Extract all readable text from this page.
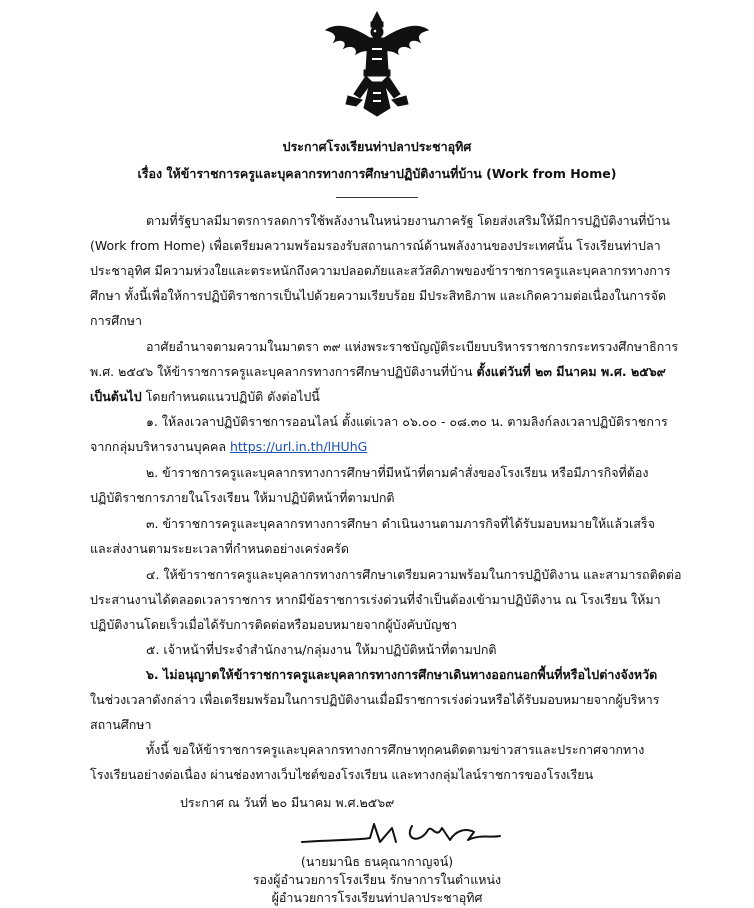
ประกาศโรงเรียนท่าปลาประชาอุทิศ
เรื่อง ให้ข้าราชการครูและบุคลากรทางการศึกษาปฏิบัติงานที่บ้าน (Work from Home)
ตามที่รัฐบาลมีมาตรการลดการใช้พลังงานในหน่วยงานภาครัฐ โดยส่งเสริมให้มีการปฏิบัติงานที่บ้าน
(Work from Home) เพื่อเตรียมความพร้อมรองรับสถานการณ์ด้านพลังงานของประเทศนั้น โรงเรียนท่าปลา
ประชาอุทิศ มีความห่วงใยและตระหนักถึงความปลอดภัยและสวัสดิภาพของข้าราชการครูและบุคลากรทางการ
ศึกษา ทั้งนี้เพื่อให้การปฏิบัติราชการเป็นไปด้วยความเรียบร้อย มีประสิทธิภาพ และเกิดความต่อเนื่องในการจัด
การศึกษา
อาศัยอำนาจตามความในมาตรา ๓๙ แห่งพระราชบัญญัติระเบียบบริหารราชการกระทรวงศึกษาธิการ
พ.ศ. ๒๕๔๖ ให้ข้าราชการครูและบุคลากรทางการศึกษาปฏิบัติงานที่บ้าน ตั้งแต่วันที่ ๒๓ มีนาคม พ.ศ. ๒๕๖๙
เป็นต้นไป โดยกำหนดแนวปฏิบัติ ดังต่อไปนี้
๑. ให้ลงเวลาปฏิบัติราชการออนไลน์ ตั้งแต่เวลา ๐๖.๐๐ - ๐๘.๓๐ น. ตามลิงก์ลงเวลาปฏิบัติราชการ
จากกลุ่มบริหารงานบุคคล https://url.in.th/lHUhG
๒. ข้าราชการครูและบุคลากรทางการศึกษาที่มีหน้าที่ตามคำสั่งของโรงเรียน หรือมีภารกิจที่ต้อง
ปฏิบัติราชการภายในโรงเรียน ให้มาปฏิบัติหน้าที่ตามปกติ
๓. ข้าราชการครูและบุคลากรทางการศึกษา ดำเนินงานตามภารกิจที่ได้รับมอบหมายให้แล้วเสร็จ
และส่งงานตามระยะเวลาที่กำหนดอย่างเคร่งครัด
๔. ให้ข้าราชการครูและบุคลากรทางการศึกษาเตรียมความพร้อมในการปฏิบัติงาน และสามารถติดต่อ
ประสานงานได้ตลอดเวลาราชการ หากมีข้อราชการเร่งด่วนที่จำเป็นต้องเข้ามาปฏิบัติงาน ณ โรงเรียน ให้มา
ปฏิบัติงานโดยเร็วเมื่อได้รับการติดต่อหรือมอบหมายจากผู้บังคับบัญชา
๕. เจ้าหน้าที่ประจำสำนักงาน/กลุ่มงาน ให้มาปฏิบัติหน้าที่ตามปกติ
๖. ไม่อนุญาตให้ข้าราชการครูและบุคลากรทางการศึกษาเดินทางออกนอกพื้นที่หรือไปต่างจังหวัด
ในช่วงเวลาดังกล่าว เพื่อเตรียมพร้อมในการปฏิบัติงานเมื่อมีราชการเร่งด่วนหรือได้รับมอบหมายจากผู้บริหาร
สถานศึกษา
ทั้งนี้ ขอให้ข้าราชการครูและบุคลากรทางการศึกษาทุกคนติดตามข่าวสารและประกาศจากทาง
โรงเรียนอย่างต่อเนื่อง ผ่านช่องทางเว็บไซต์ของโรงเรียน และทางกลุ่มไลน์ราชการของโรงเรียน
ประกาศ ณ วันที่ ๒๐ มีนาคม พ.ศ.๒๕๖๙
(นายมานิธ ธนคุณากาญจน์)
รองผู้อำนวยการโรงเรียน รักษาการในตำแหน่ง
ผู้อำนวยการโรงเรียนท่าปลาประชาอุทิศ
